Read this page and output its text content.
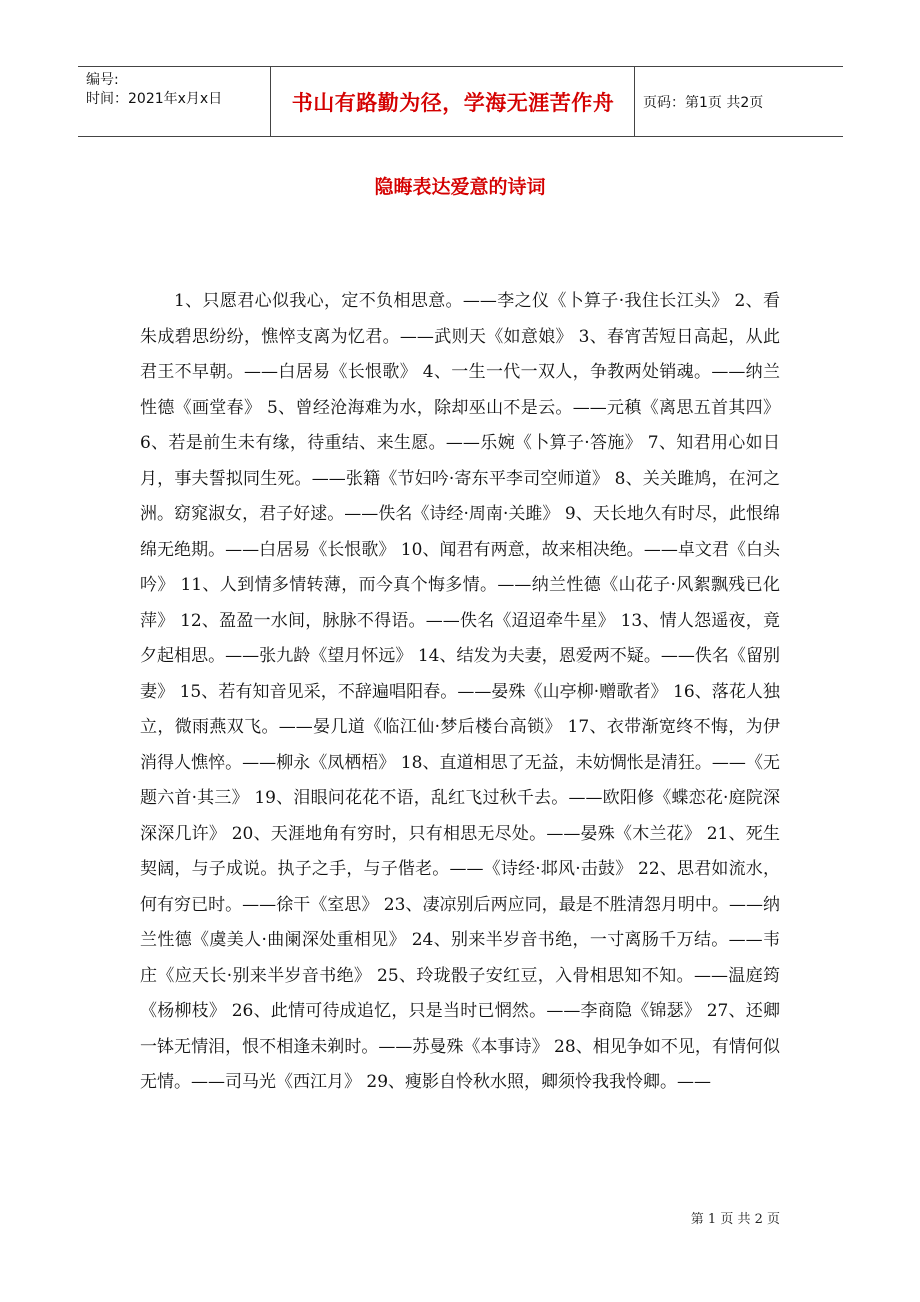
编号:
时间：2021年x月x日	书山有路勤为径，学海无涯苦作舟	页码：第1页 共2页
隐晦表达爱意的诗词

1、只愿君心似我心，定不负相思意。——李之仪《卜算子·我住长江头》 2、看朱成碧思纷纷，憔悴支离为忆君。——武则天《如意娘》 3、春宵苦短日高起，从此君王不早朝。——白居易《长恨歌》 4、一生一代一双人，争教两处销魂。——纳兰性德《画堂春》 5、曾经沧海难为水，除却巫山不是云。——元稹《离思五首其四》 6、若是前生未有缘，待重结、来生愿。——乐婉《卜算子·答施》 7、知君用心如日月，事夫誓拟同生死。——张籍《节妇吟·寄东平李司空师道》 8、关关雎鸠，在河之洲。窈窕淑女，君子好逑。——佚名《诗经·周南·关雎》 9、天长地久有时尽，此恨绵绵无绝期。——白居易《长恨歌》 10、闻君有两意，故来相决绝。——卓文君《白头吟》 11、人到情多情转薄，而今真个悔多情。——纳兰性德《山花子·风絮飘残已化萍》 12、盈盈一水间，脉脉不得语。——佚名《迢迢牵牛星》 13、情人怨遥夜，竟夕起相思。——张九龄《望月怀远》 14、结发为夫妻，恩爱两不疑。——佚名《留别妻》 15、若有知音见采，不辞遍唱阳春。——晏殊《山亭柳·赠歌者》 16、落花人独立，微雨燕双飞。——晏几道《临江仙·梦后楼台高锁》 17、衣带渐宽终不悔，为伊消得人憔悴。——柳永《凤栖梧》 18、直道相思了无益，未妨惆怅是清狂。——《无题六首·其三》 19、泪眼问花花不语，乱红飞过秋千去。——欧阳修《蝶恋花·庭院深深深几许》 20、天涯地角有穷时，只有相思无尽处。——晏殊《木兰花》 21、死生契阔，与子成说。执子之手，与子偕老。——《诗经·邶风·击鼓》 22、思君如流水，何有穷已时。——徐干《室思》 23、凄凉别后两应同，最是不胜清怨月明中。——纳兰性德《虞美人·曲阑深处重相见》 24、别来半岁音书绝，一寸离肠千万结。——韦庄《应天长·别来半岁音书绝》 25、玲珑骰子安红豆，入骨相思知不知。——温庭筠《杨柳枝》 26、此情可待成追忆，只是当时已惘然。——李商隐《锦瑟》 27、还卿一钵无情泪，恨不相逢未剃时。——苏曼殊《本事诗》 28、相见争如不见，有情何似无情。——司马光《西江月》 29、瘦影自怜秋水照，卿须怜我我怜卿。——

第 1 页 共 2 页
